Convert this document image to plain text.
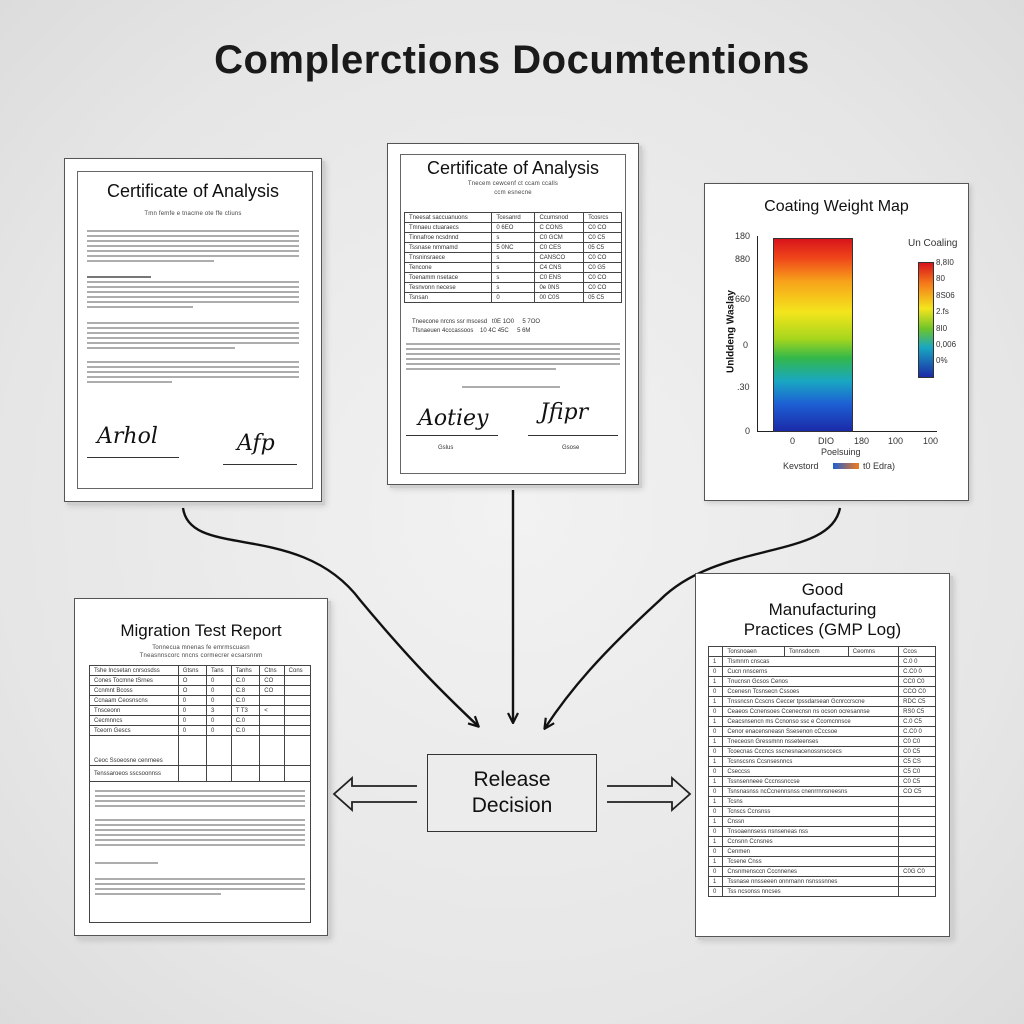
Complerctions Documtentions
Certificate of Analysis
Tmn femfe e tnacme ote ffe ctiuns
Arhol	Afp
Certificate of Analysis
Tnecem cewcenf ct ccam ccalls
ccm esnecne
Tneesat saccuanuons	Tcesanrd	Ccumsnod	Tcosrcs
Tmnaeu ctuaraecs	0 6EO	C CONS	C0 CO
Tinnafroe ncsdnnd	s	C0 GCM	C0 C5
Tssnase nmmamd	5 0NC	C0 CES	05 C5
Tnsninsraece	s	CANSCO	C0 CO
Tencone	s	C4 CNS	C0 G5
Toenamm nsetace	s	C0 ENS	C0 CO
Tesnvonn necese	s	0e 0NS	C0 CO
Tsnsan	0	00 C0S	05 C5
Tneecone nrcns ssr mscesd t0E 1O0 5 7OO
Tfsnaeuen 4cccassoos 10 4C 45C 5 6M
Aotiey Jfipr
Gslus	Gsose
Coating Weight Map
Unlddeng Waslay
180
880
660
0
.30
0
0	DIO 180 100 100
Poelsuing
Un Coaling
8,8I0
80
8S06
2.fs
8I0
0,006
0%
Kevstord	t0 Edra)
Migration Test Report
Tonnecua mnenas fe emrmscuasn
Tneasnnscorc nncns cormecrer ecsarsnnm
Tshe Incsetan cnrsosdss	Gtsns	Tans	Tanhs	Ctns	Cons
Cones Tocmne tSrnes	O	0	C.0	CO	
Ccnmnt Bcoss	O	0	C.8	CO	
Ccnaam Ceosnscns	0	0	C.0		
Tnsceonn	0	3	T T3	<	
Cecmnncs	0	0	C.0		
Tceorn Gescs	0	0	C.0		
Ceoc Ssoeosne cenrnees					
Tenssaroeos sscsoonnss					
Good
Manufacturing
Practices (GMP Log)
	Tonsnoaen	Tonnsdocm	Ceomns	Ccos
1	Tlsmnrn cnscas			C.0 0
0	Cucn nnscerns			C.C0 0
1	Tnucnsn Gcsos Cenos			CC0 C0
0	Ccenesn Tcsnsecn Cssoes			CCO C0
1	Tnssncsn Ccscns Ceccer tpssdarsean Gcnrccrscne			RDC C5
0	Ceaeos Ccnensoes Ccenecnsn ns ocson ocresannse			RS0 C5
1	Ceacsnsencn ms Ccnonso ssc e Ccomcnnsce			C.0 C5
0	Cenor enacensneasn Ssesenon cCccsoe			C.C0 0
1	Tneceosn Gressmnn nsseteenses			C0 C0
0	Tcoecnas Cccncs sscnesnacenossnsccecs			C0 C5
1	Tcsnscsns Ccsnsesnncs			C5 CS
0	Cseccss			C5 C0
1	Tssnsenneee Cccnssnccse			C0 C5
0	Tsnsnasnss ncCcnennsnss cnenrrnnsneesns			CO C5
1	Tcsns			
0	Tcnscs Ccnsnss			
1	Cnssn			
0	Tnsoaennsess nsnseneas nss			
1	Ccnsnn Ccnsnes			
0	Cenmen			
1	Tcsene Cnss			
0	Cnsnmensccn Cccnnenes			C0G C0
1	Tssnase nnsseeen onnrnann nsnsssnnes			
0	Tss ncsonss nncses			
Release
Decision
